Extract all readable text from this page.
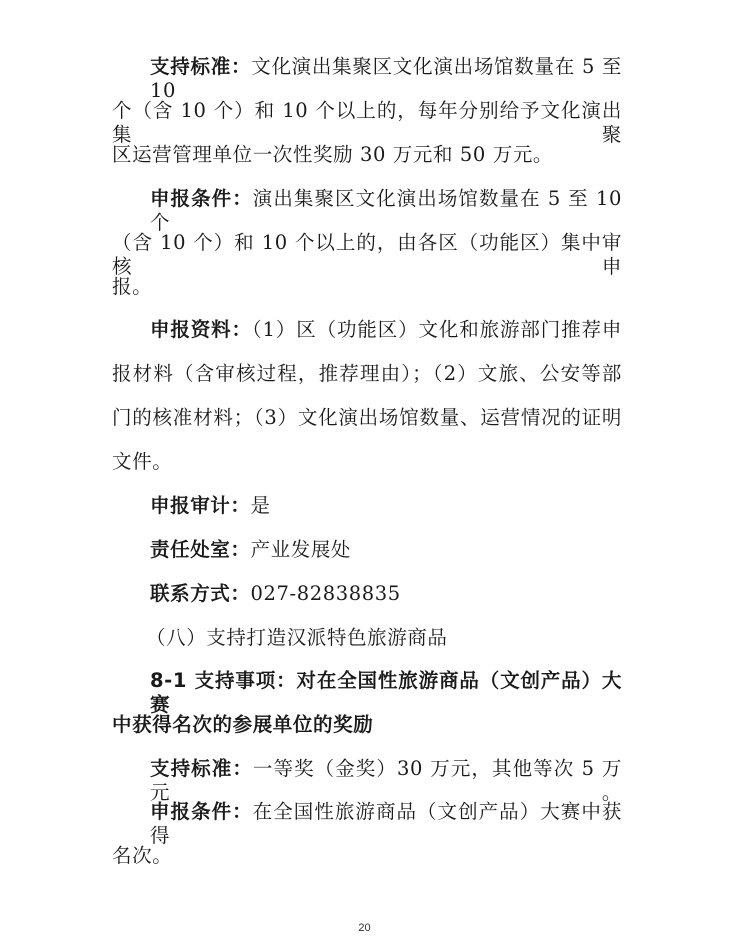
支持标准：文化演出集聚区文化演出场馆数量在 5 至 10
个（含 10 个）和 10 个以上的，每年分别给予文化演出集聚
区运营管理单位一次性奖励 30 万元和 50 万元。
申报条件：演出集聚区文化演出场馆数量在 5 至 10 个
（含 10 个）和 10 个以上的，由各区（功能区）集中审核申
报。
申报资料：（1）区（功能区）文化和旅游部门推荐申
报材料（含审核过程，推荐理由）；（2）文旅、公安等部
门的核准材料；（3）文化演出场馆数量、运营情况的证明
文件。
申报审计：是
责任处室：产业发展处
联系方式：027-82838835
（八）支持打造汉派特色旅游商品
8-1 支持事项：对在全国性旅游商品（文创产品）大赛
中获得名次的参展单位的奖励
支持标准：一等奖（金奖）30 万元，其他等次 5 万元。
申报条件：在全国性旅游商品（文创产品）大赛中获得
名次。
20
